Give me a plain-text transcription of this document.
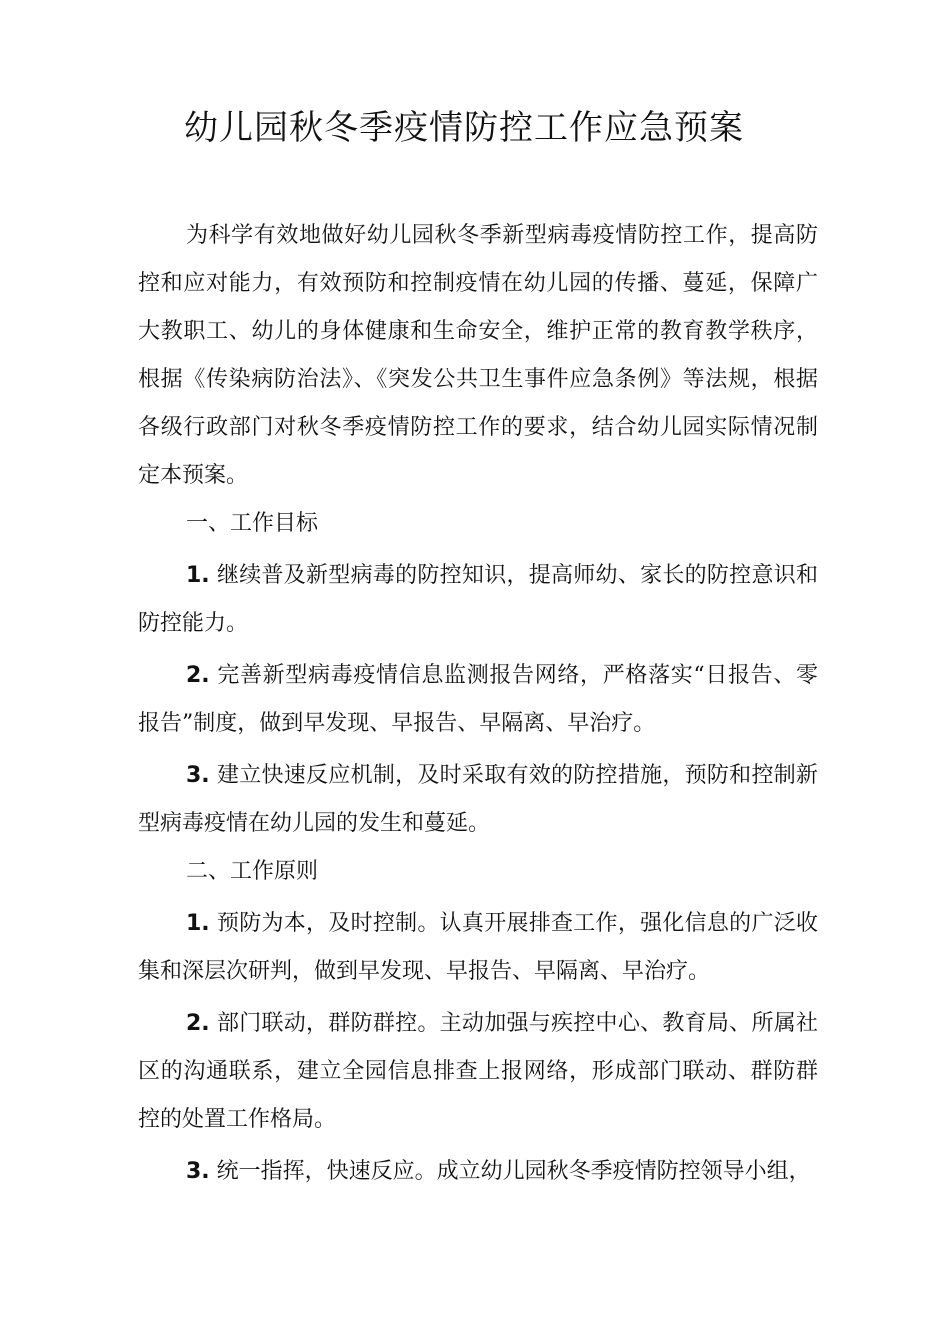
幼儿园秋冬季疫情防控工作应急预案

为科学有效地做好幼儿园秋冬季新型病毒疫情防控工作，提高防控和应对能力，有效预防和控制疫情在幼儿园的传播、蔓延，保障广大教职工、幼儿的身体健康和生命安全，维护正常的教育教学秩序，根据《传染病防治法》、《突发公共卫生事件应急条例》等法规，根据各级行政部门对秋冬季疫情防控工作的要求，结合幼儿园实际情况制定本预案。

一、工作目标

1. 继续普及新型病毒的防控知识，提高师幼、家长的防控意识和防控能力。

2. 完善新型病毒疫情信息监测报告网络，严格落实“日报告、零报告”制度，做到早发现、早报告、早隔离、早治疗。

3. 建立快速反应机制，及时采取有效的防控措施，预防和控制新型病毒疫情在幼儿园的发生和蔓延。

二、工作原则

1. 预防为本，及时控制。认真开展排查工作，强化信息的广泛收集和深层次研判，做到早发现、早报告、早隔离、早治疗。

2. 部门联动，群防群控。主动加强与疾控中心、教育局、所属社区的沟通联系，建立全园信息排查上报网络，形成部门联动、群防群控的处置工作格局。

3. 统一指挥，快速反应。成立幼儿园秋冬季疫情防控领导小组，
